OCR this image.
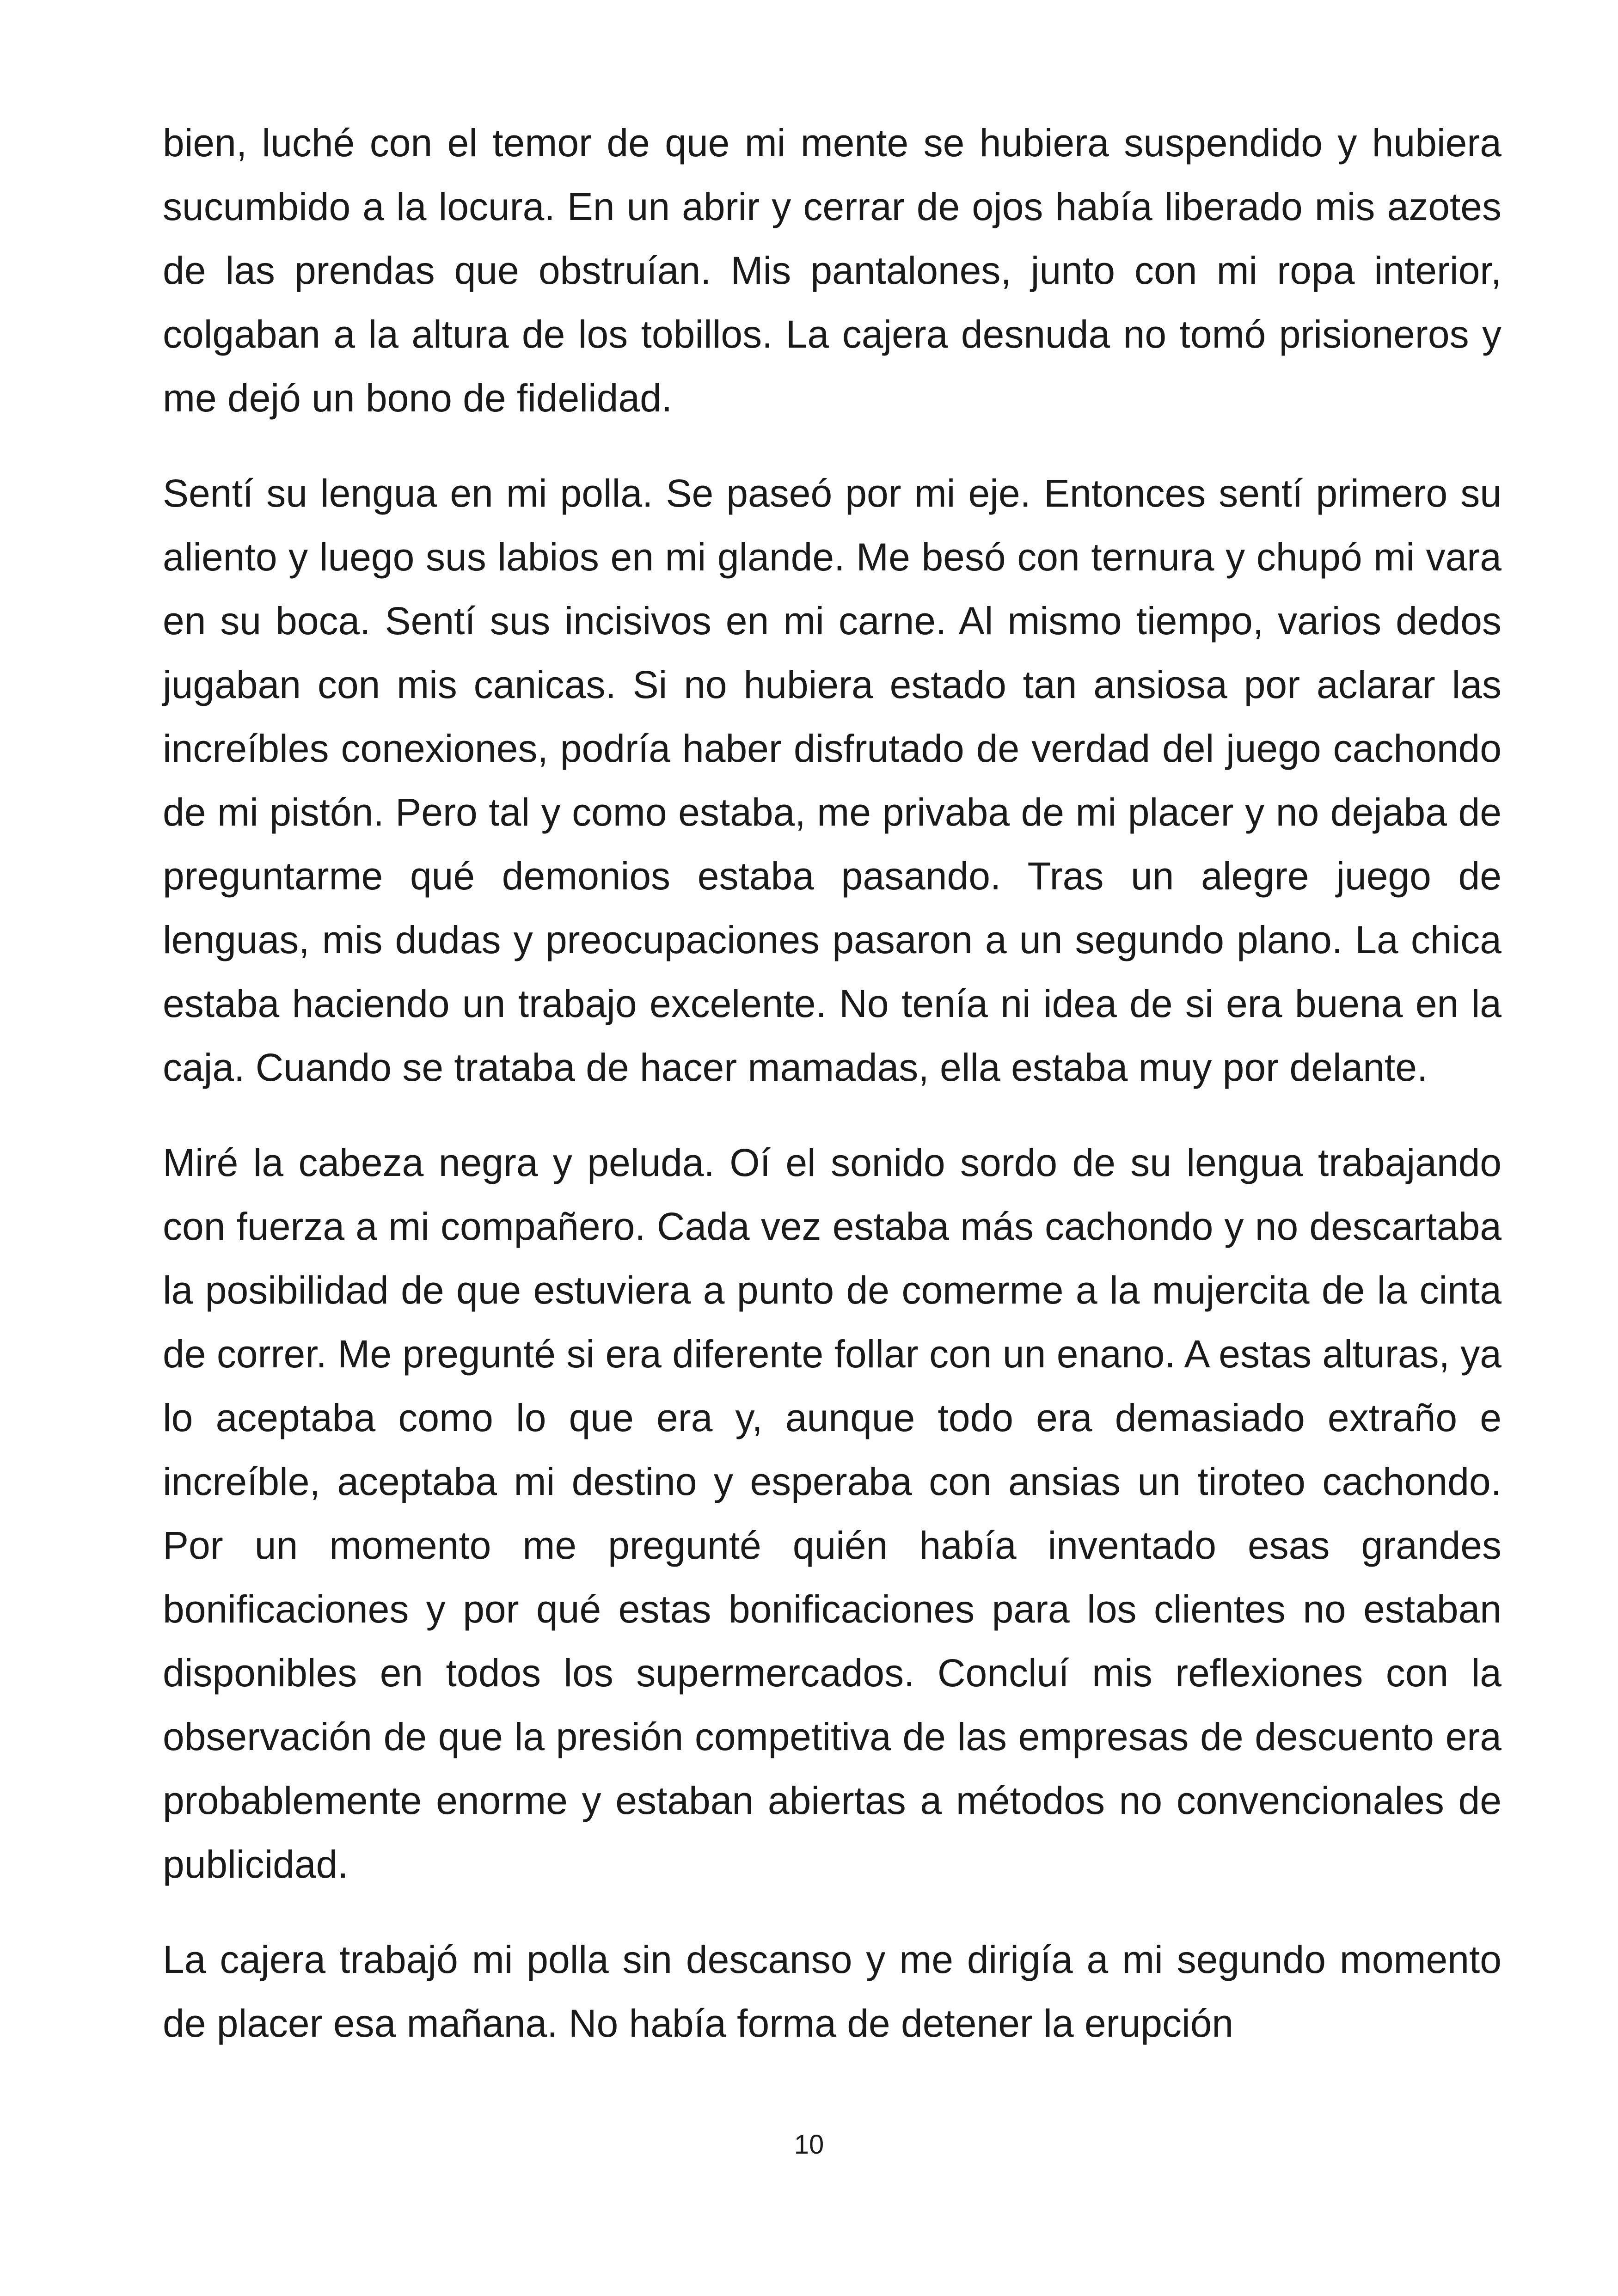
bien, luché con el temor de que mi mente se hubiera suspendido y hubiera sucumbido a la locura. En un abrir y cerrar de ojos había liberado mis azotes de las prendas que obstruían. Mis pantalones, junto con mi ropa interior, colgaban a la altura de los tobillos. La cajera desnuda no tomó prisioneros y me dejó un bono de fidelidad.

Sentí su lengua en mi polla. Se paseó por mi eje. Entonces sentí primero su aliento y luego sus labios en mi glande. Me besó con ternura y chupó mi vara en su boca. Sentí sus incisivos en mi carne. Al mismo tiempo, varios dedos jugaban con mis canicas. Si no hubiera estado tan ansiosa por aclarar las increíbles conexiones, podría haber disfrutado de verdad del juego cachondo de mi pistón. Pero tal y como estaba, me privaba de mi placer y no dejaba de preguntarme qué demonios estaba pasando. Tras un alegre juego de lenguas, mis dudas y preocupaciones pasaron a un segundo plano. La chica estaba haciendo un trabajo excelente. No tenía ni idea de si era buena en la caja. Cuando se trataba de hacer mamadas, ella estaba muy por delante.

Miré la cabeza negra y peluda. Oí el sonido sordo de su lengua trabajando con fuerza a mi compañero. Cada vez estaba más cachondo y no descartaba la posibilidad de que estuviera a punto de comerme a la mujercita de la cinta de correr. Me pregunté si era diferente follar con un enano. A estas alturas, ya lo aceptaba como lo que era y, aunque todo era demasiado extraño e increíble, aceptaba mi destino y esperaba con ansias un tiroteo cachondo. Por un momento me pregunté quién había inventado esas grandes bonificaciones y por qué estas bonificaciones para los clientes no estaban disponibles en todos los supermercados. Concluí mis reflexiones con la observación de que la presión competitiva de las empresas de descuento era probablemente enorme y estaban abiertas a métodos no convencionales de publicidad.

La cajera trabajó mi polla sin descanso y me dirigía a mi segundo momento de placer esa mañana. No había forma de detener la erupción

10
